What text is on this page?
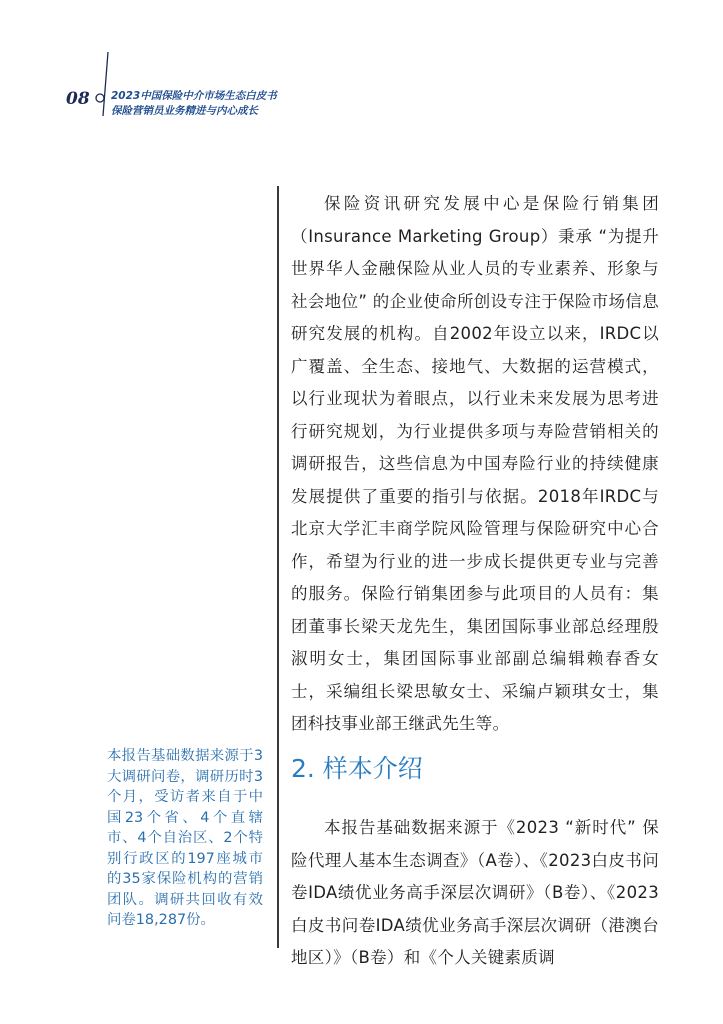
08 2023中国保险中介市场生态白皮书
保险营销员业务精进与内心成长

保险资讯研究发展中心是保险行销集团（Insurance Marketing Group）秉承 “为提升世界华人金融保险从业人员的专业素养、形象与社会地位” 的企业使命所创设专注于保险市场信息研究发展的机构。自2002年设立以来，IRDC以广覆盖、全生态、接地气、大数据的运营模式，以行业现状为着眼点，以行业未来发展为思考进行研究规划，为行业提供多项与寿险营销相关的调研报告，这些信息为中国寿险行业的持续健康发展提供了重要的指引与依据。2018年IRDC与北京大学汇丰商学院风险管理与保险研究中心合作，希望为行业的进一步成长提供更专业与完善的服务。保险行销集团参与此项目的人员有：集团董事长梁天龙先生，集团国际事业部总经理殷淑明女士，集团国际事业部副总编辑赖春香女士，采编组长梁思敏女士、采编卢颖琪女士，集团科技事业部王继武先生等。

2. 样本介绍

本报告基础数据来源于《2023 “新时代” 保险代理人基本生态调查》（A卷）、《2023白皮书问卷IDA绩优业务高手深层次调研》（B卷）、《2023白皮书问卷IDA绩优业务高手深层次调研（港澳台地区）》（B卷）和《个人关键素质调

本报告基础数据来源于3大调研问卷，调研历时3个月，受访者来自于中国23个省、4个直辖市、4个自治区、2个特别行政区的197座城市的35家保险机构的营销团队。调研共回收有效问卷18,287份。
